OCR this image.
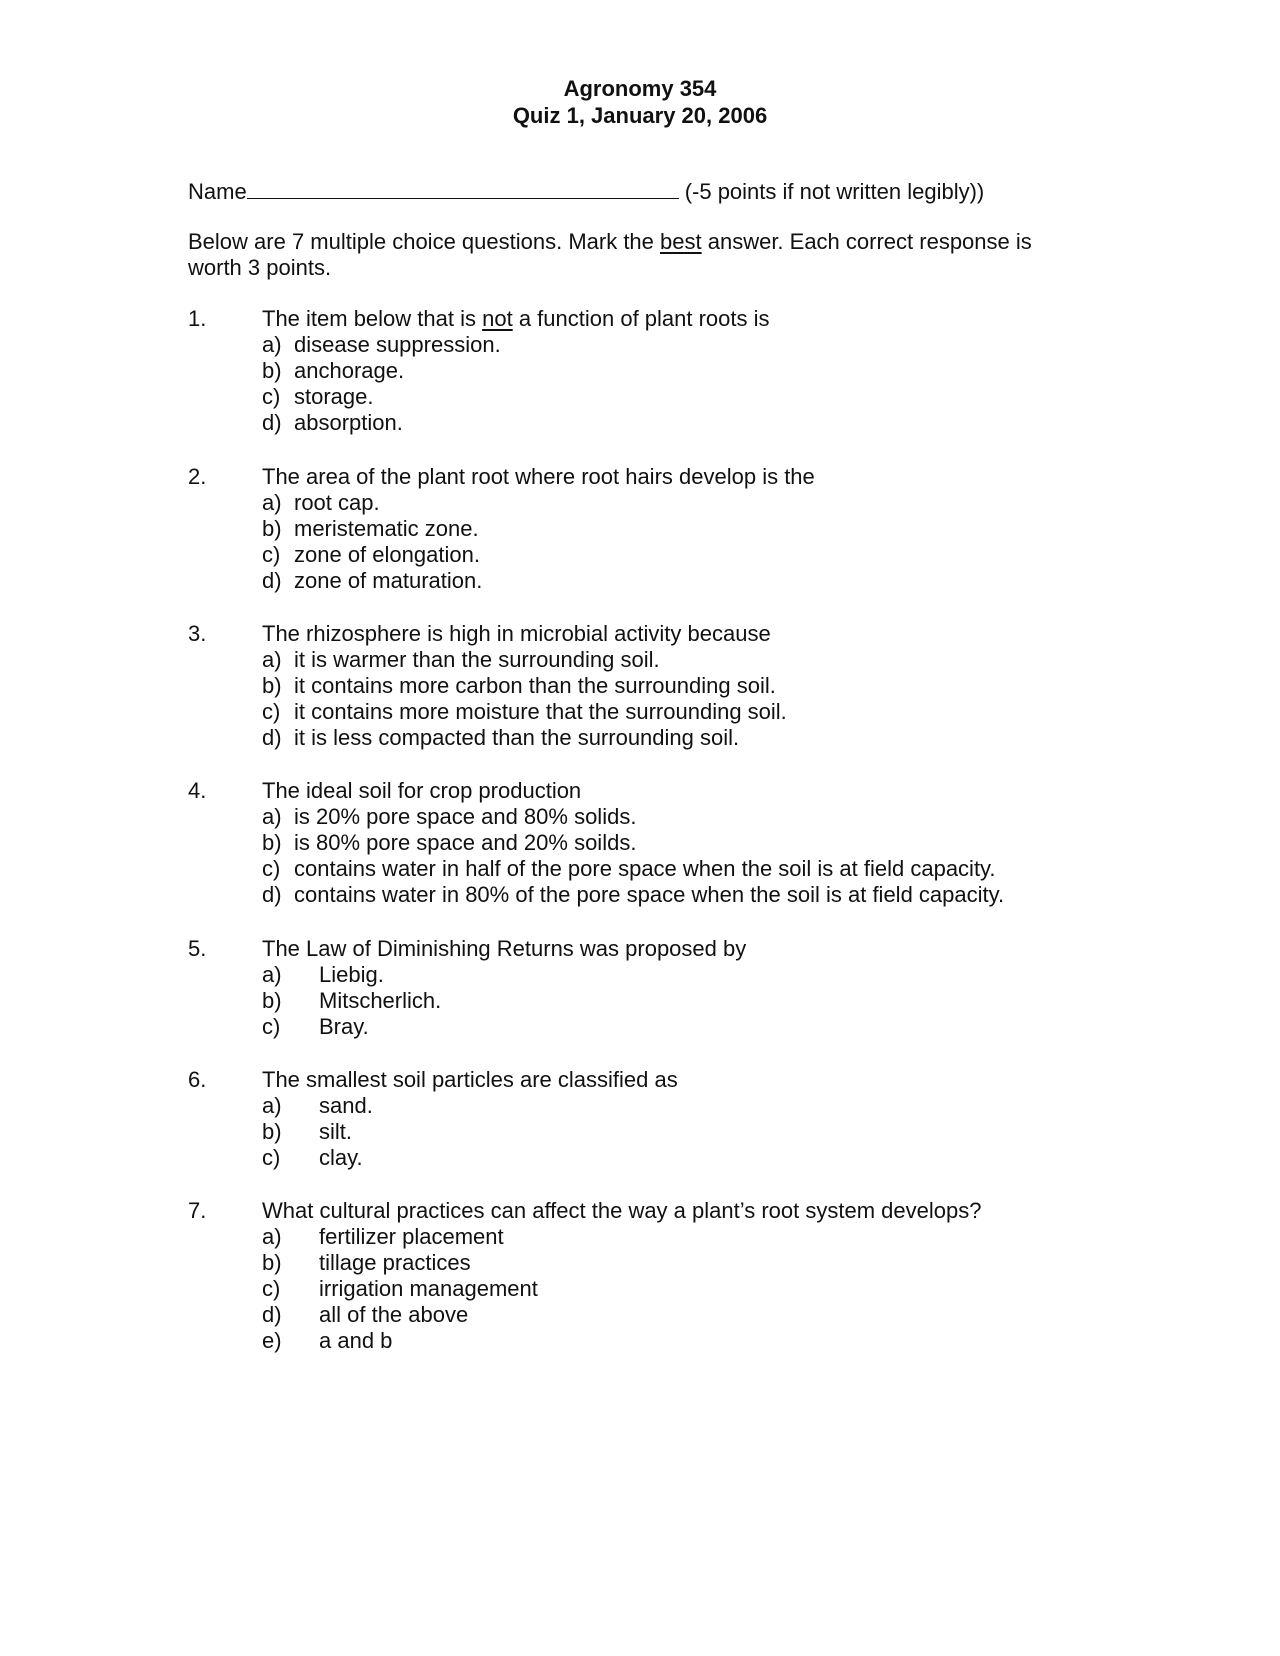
Agronomy 354
Quiz 1, January 20, 2006
Name	(-5 points if not written legibly))
Below are 7 multiple choice questions. Mark the best answer. Each correct response is worth 3 points.
1.	The item below that is not a function of plant roots is
a) disease suppression.
b) anchorage.
c) storage.
d) absorption.
2.	The area of the plant root where root hairs develop is the
a) root cap.
b) meristematic zone.
c) zone of elongation.
d) zone of maturation.
3.	The rhizosphere is high in microbial activity because
a) it is warmer than the surrounding soil.
b) it contains more carbon than the surrounding soil.
c) it contains more moisture that the surrounding soil.
d) it is less compacted than the surrounding soil.
4.	The ideal soil for crop production
a) is 20% pore space and 80% solids.
b) is 80% pore space and 20% soilds.
c) contains water in half of the pore space when the soil is at field capacity.
d) contains water in 80% of the pore space when the soil is at field capacity.
5.	The Law of Diminishing Returns was proposed by
a) Liebig.
b) Mitscherlich.
c) Bray.
6.	The smallest soil particles are classified as
a) sand.
b) silt.
c) clay.
7.	What cultural practices can affect the way a plant’s root system develops?
a) fertilizer placement
b) tillage practices
c) irrigation management
d) all of the above
e) a and b
